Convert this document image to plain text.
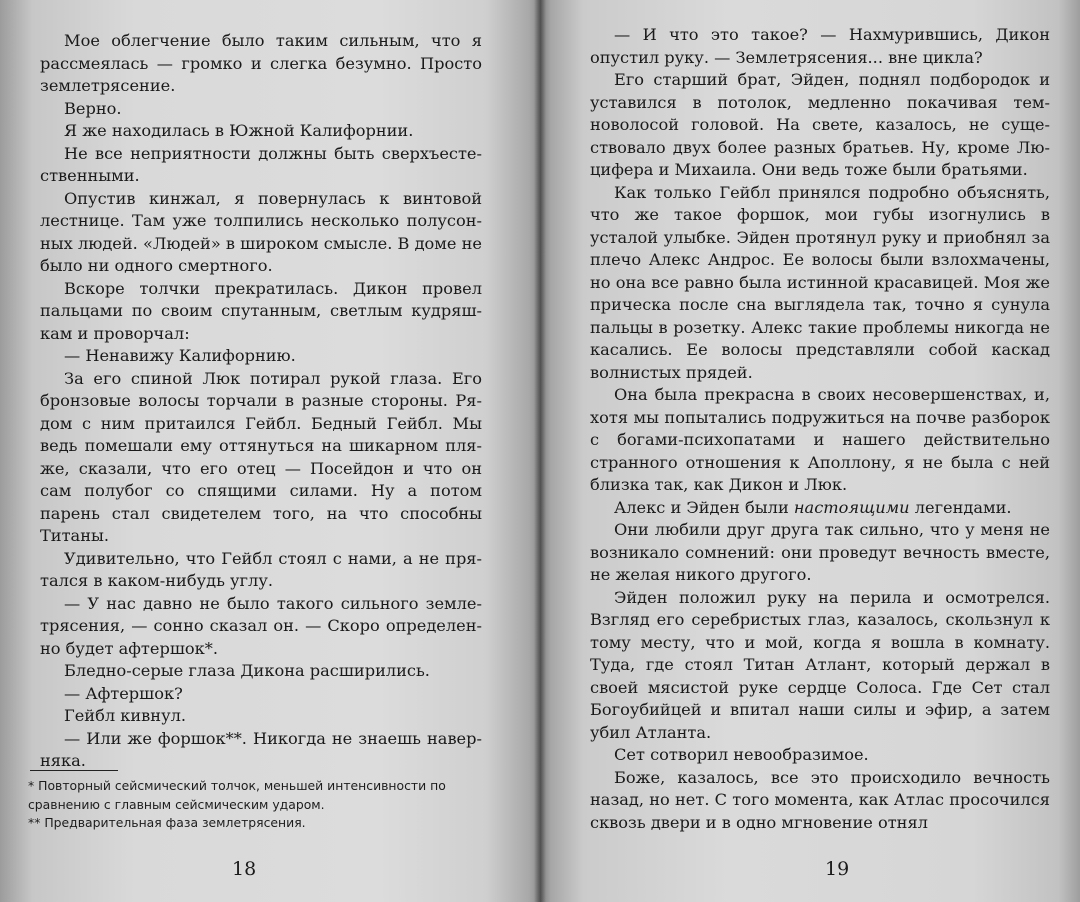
Мое облегчение было таким сильным, что я рассмеялась — громко и слегка безумно. Просто землетрясение.

Верно.

Я же находилась в Южной Калифорнии.

Не все неприятности должны быть сверхъестественными.

Опустив кинжал, я повернулась к винтовой лестнице. Там уже толпились несколько полусонных людей. «Людей» в широком смысле. В доме не было ни одного смертного.

Вскоре толчки прекратилась. Дикон провел пальцами по своим спутанным, светлым кудряшкам и проворчал:

— Ненавижу Калифорнию.

За его спиной Люк потирал рукой глаза. Его бронзовые волосы торчали в разные стороны. Рядом с ним притаился Гейбл. Бедный Гейбл. Мы ведь помешали ему оттянуться на шикарном пляже, сказали, что его отец — Посейдон и что он сам полубог со спящими силами. Ну а потом парень стал свидетелем того, на что способны Титаны.

Удивительно, что Гейбл стоял с нами, а не прятался в каком-нибудь углу.

— У нас давно не было такого сильного землетрясения, — сонно сказал он. — Скоро определенно будет афтершок*.

Бледно-серые глаза Дикона расширились.

— Афтершок?

Гейбл кивнул.

— Или же форшок**. Никогда не знаешь наверняка.

* Повторный сейсмический толчок, меньшей интенсивности по сравнению с главным сейсмическим ударом.

** Предварительная фаза землетрясения.

18

— И что это такое? — Нахмурившись, Дикон опустил руку. — Землетрясения... вне цикла?

Его старший брат, Эйден, поднял подбородок и уставился в потолок, медленно покачивая темноволосой головой. На свете, казалось, не существовало двух более разных братьев. Ну, кроме Люцифера и Михаила. Они ведь тоже были братьями.

Как только Гейбл принялся подробно объяснять, что же такое форшок, мои губы изогнулись в усталой улыбке. Эйден протянул руку и приобнял за плечо Алекс Андрос. Ее волосы были взлохмачены, но она все равно была истинной красавицей. Моя же прическа после сна выглядела так, точно я сунула пальцы в розетку. Алекс такие проблемы никогда не касались. Ее волосы представляли собой каскад волнистых прядей.

Она была прекрасна в своих несовершенствах, и, хотя мы попытались подружиться на почве разборок с богами-психопатами и нашего действительно странного отношения к Аполлону, я не была с ней близка так, как Дикон и Люк.

Алекс и Эйден были настоящими легендами.

Они любили друг друга так сильно, что у меня не возникало сомнений: они проведут вечность вместе, не желая никого другого.

Эйден положил руку на перила и осмотрелся. Взгляд его серебристых глаз, казалось, скользнул к тому месту, что и мой, когда я вошла в комнату. Туда, где стоял Титан Атлант, который держал в своей мясистой руке сердце Солоса. Где Сет стал Богоубийцей и впитал наши силы и эфир, а затем убил Атланта.

Сет сотворил невообразимое.

Боже, казалось, все это происходило вечность назад, но нет. С того момента, как Атлас просочился сквозь двери и в одно мгновение отнял

19
